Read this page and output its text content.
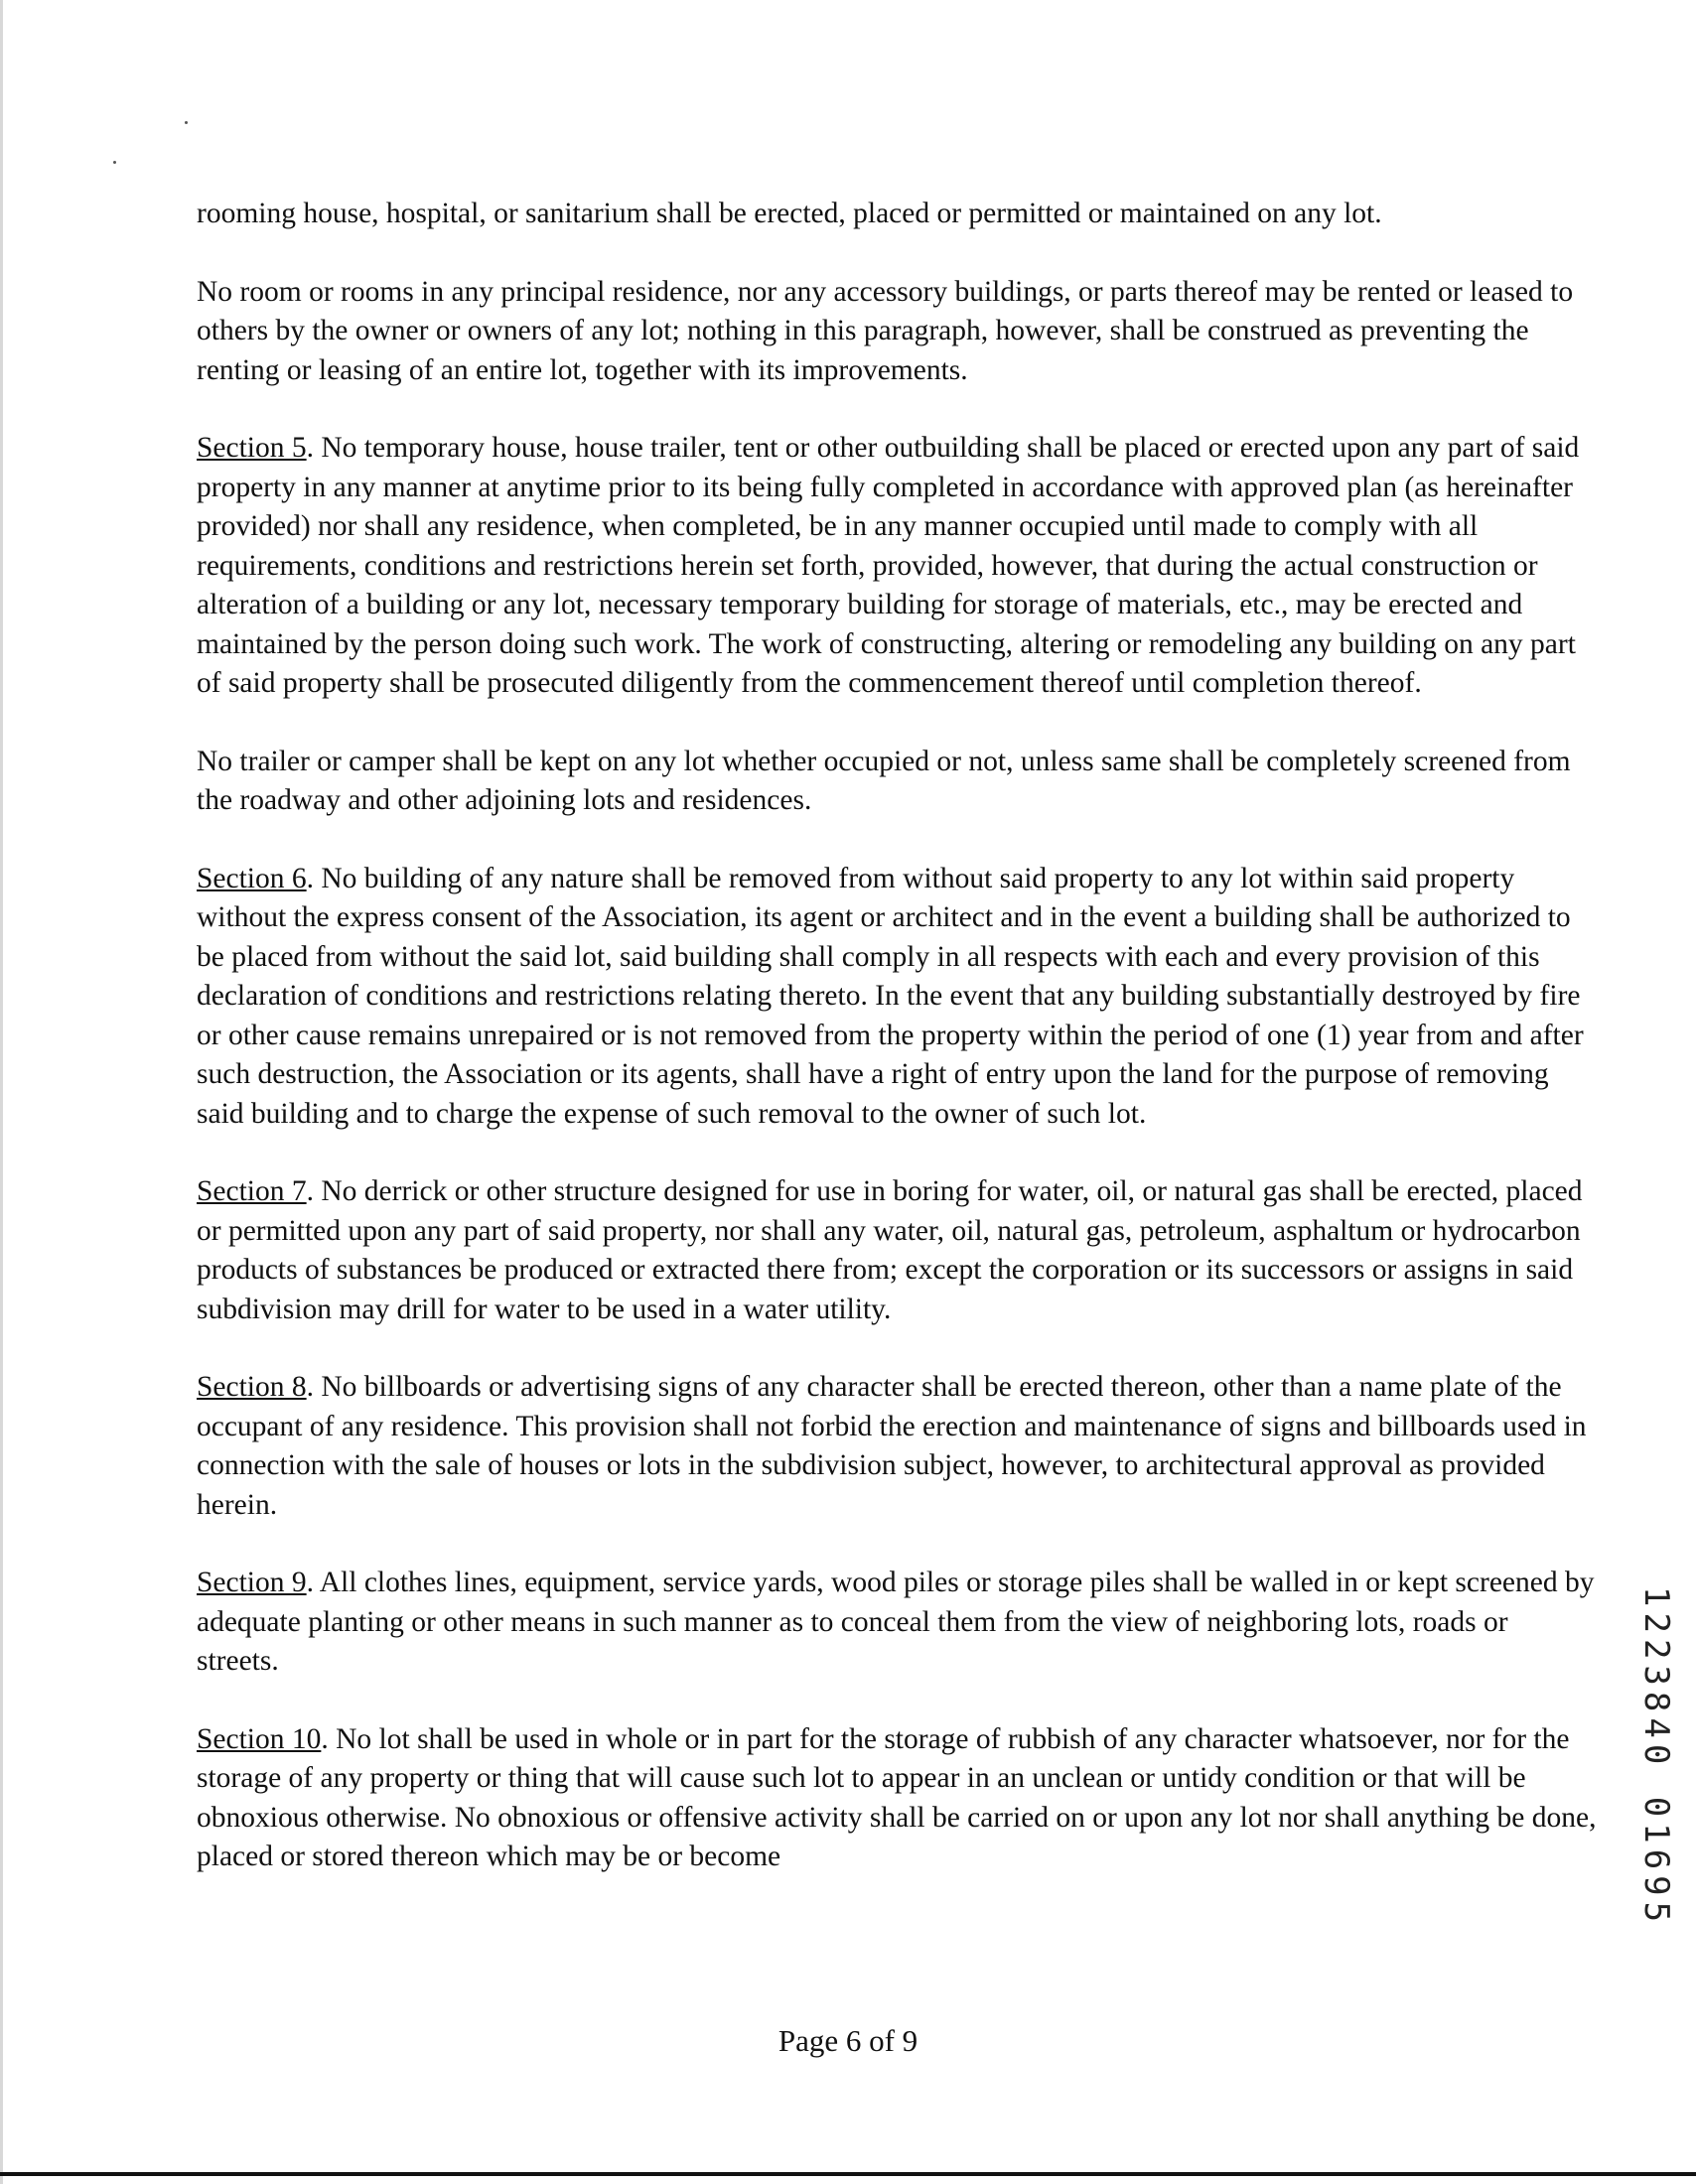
rooming house, hospital, or sanitarium shall be erected, placed or permitted or maintained on any lot.

No room or rooms in any principal residence, nor any accessory buildings, or parts thereof may be rented or leased to others by the owner or owners of any lot; nothing in this paragraph, however, shall be construed as preventing the renting or leasing of an entire lot, together with its improvements.

Section 5. No temporary house, house trailer, tent or other outbuilding shall be placed or erected upon any part of said property in any manner at anytime prior to its being fully completed in accordance with approved plan (as hereinafter provided) nor shall any residence, when completed, be in any manner occupied until made to comply with all requirements, conditions and restrictions herein set forth, provided, however, that during the actual construction or alteration of a building or any lot, necessary temporary building for storage of materials, etc., may be erected and maintained by the person doing such work. The work of constructing, altering or remodeling any building on any part of said property shall be prosecuted diligently from the commencement thereof until completion thereof.

No trailer or camper shall be kept on any lot whether occupied or not, unless same shall be completely screened from the roadway and other adjoining lots and residences.

Section 6. No building of any nature shall be removed from without said property to any lot within said property without the express consent of the Association, its agent or architect and in the event a building shall be authorized to be placed from without the said lot, said building shall comply in all respects with each and every provision of this declaration of conditions and restrictions relating thereto. In the event that any building substantially destroyed by fire or other cause remains unrepaired or is not removed from the property within the period of one (1) year from and after such destruction, the Association or its agents, shall have a right of entry upon the land for the purpose of removing said building and to charge the expense of such removal to the owner of such lot.

Section 7. No derrick or other structure designed for use in boring for water, oil, or natural gas shall be erected, placed or permitted upon any part of said property, nor shall any water, oil, natural gas, petroleum, asphaltum or hydrocarbon products of substances be produced or extracted there from; except the corporation or its successors or assigns in said subdivision may drill for water to be used in a water utility.

Section 8. No billboards or advertising signs of any character shall be erected thereon, other than a name plate of the occupant of any residence. This provision shall not forbid the erection and maintenance of signs and billboards used in connection with the sale of houses or lots in the subdivision subject, however, to architectural approval as provided herein.

Section 9. All clothes lines, equipment, service yards, wood piles or storage piles shall be walled in or kept screened by adequate planting or other means in such manner as to conceal them from the view of neighboring lots, roads or streets.

Section 10. No lot shall be used in whole or in part for the storage of rubbish of any character whatsoever, nor for the storage of any property or thing that will cause such lot to appear in an unclean or untidy condition or that will be obnoxious otherwise. No obnoxious or offensive activity shall be carried on or upon any lot nor shall anything be done, placed or stored thereon which may be or become	1223840 01695
Page 6 of 9
